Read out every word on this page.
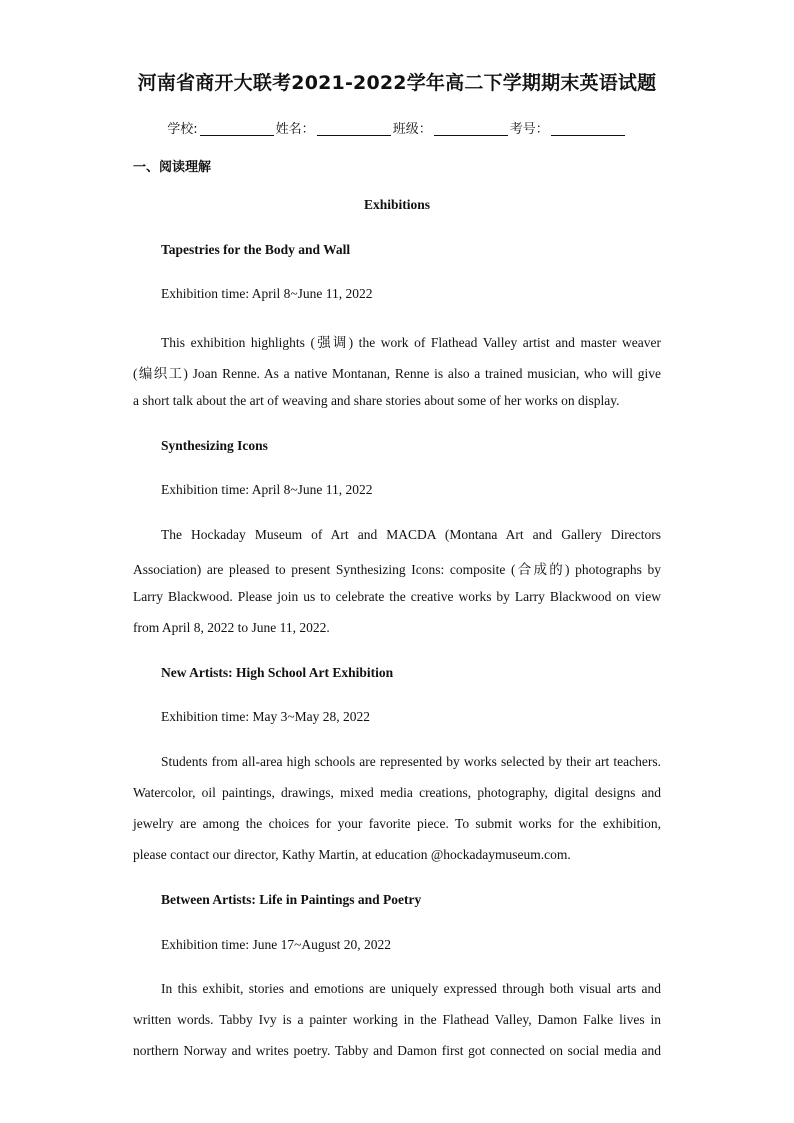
河南省商开大联考2021-2022学年高二下学期期末英语试题
学校:	姓名：	班级：	考号：
一、阅读理解
Exhibitions
Tapestries for the Body and Wall
Exhibition time: April 8~June 11, 2022
This exhibition highlights (强调) the work of Flathead Valley artist and master weaver
(编织工) Joan Renne. As a native Montanan, Renne is also a trained musician, who will give
a short talk about the art of weaving and share stories about some of her works on display.
Synthesizing Icons
Exhibition time: April 8~June 11, 2022
The Hockaday Museum of Art and MACDA (Montana Art and Gallery Directors
Association) are pleased to present Synthesizing Icons: composite (合成的) photographs by
Larry Blackwood. Please join us to celebrate the creative works by Larry Blackwood on view
from April 8, 2022 to June 11, 2022.
New Artists: High School Art Exhibition
Exhibition time: May 3~May 28, 2022
Students from all-area high schools are represented by works selected by their art teachers.
Watercolor, oil paintings, drawings, mixed media creations, photography, digital designs and
jewelry are among the choices for your favorite piece. To submit works for the exhibition,
please contact our director, Kathy Martin, at education @hockadaymuseum.com.
Between Artists: Life in Paintings and Poetry
Exhibition time: June 17~August 20, 2022
In this exhibit, stories and emotions are uniquely expressed through both visual arts and
written words. Tabby Ivy is a painter working in the Flathead Valley, Damon Falke lives in
northern Norway and writes poetry. Tabby and Damon first got connected on social media and
